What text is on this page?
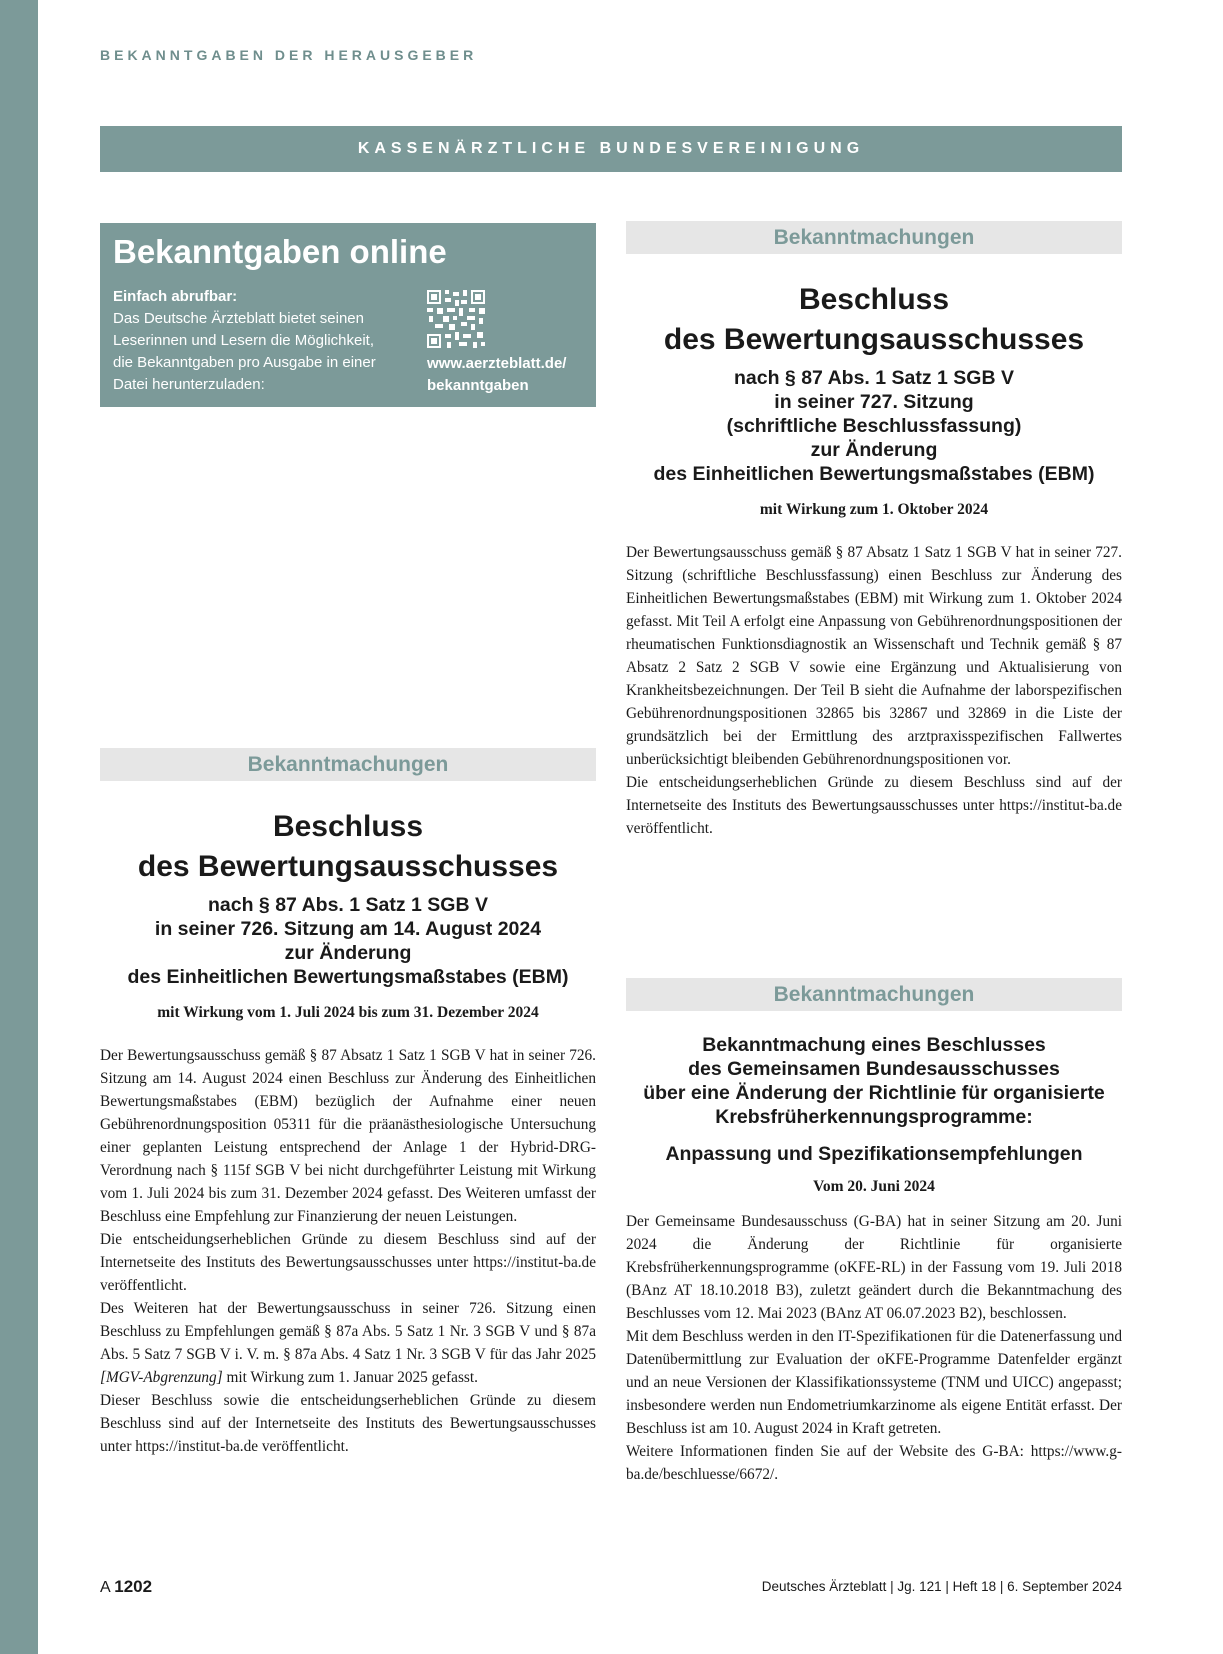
BEKANNTGABEN DER HERAUSGEBER
KASSENÄRZTLICHE BUNDESVEREINIGUNG
Bekanntgaben online
Einfach abrufbar:
Das Deutsche Ärzteblatt bietet seinen Leserinnen und Lesern die Möglichkeit, die Bekanntgaben pro Ausgabe in einer Datei herunterzuladen:
www.aerzteblatt.de/
bekanntgaben
Bekanntmachungen
Beschluss
des Bewertungsausschusses
nach § 87 Abs. 1 Satz 1 SGB V
in seiner 727. Sitzung
(schriftliche Beschlussfassung)
zur Änderung
des Einheitlichen Bewertungsmaßstabes (EBM)
mit Wirkung zum 1. Oktober 2024

Der Bewertungsausschuss gemäß § 87 Absatz 1 Satz 1 SGB V hat in seiner 727. Sitzung (schriftliche Beschlussfassung) einen Beschluss zur Änderung des Einheitlichen Bewertungsmaßstabes (EBM) mit Wirkung zum 1. Oktober 2024 gefasst. Mit Teil A erfolgt eine Anpassung von Gebührenordnungspositionen der rheumatischen Funktionsdiagnostik an Wissenschaft und Technik gemäß § 87 Absatz 2 Satz 2 SGB V sowie eine Ergänzung und Aktualisierung von Krankheitsbezeichnungen. Der Teil B sieht die Aufnahme der laborspezifischen Gebührenordnungspositionen 32865 bis 32867 und 32869 in die Liste der grundsätzlich bei der Ermittlung des arztpraxisspezifischen Fallwertes unberücksichtigt bleibenden Gebührenordnungspositionen vor.

Die entscheidungserheblichen Gründe zu diesem Beschluss sind auf der Internetseite des Instituts des Bewertungsausschusses unter https://institut-ba.de veröffentlicht.

Bekanntmachungen
Beschluss
des Bewertungsausschusses
nach § 87 Abs. 1 Satz 1 SGB V
in seiner 726. Sitzung am 14. August 2024
zur Änderung
des Einheitlichen Bewertungsmaßstabes (EBM)
mit Wirkung vom 1. Juli 2024 bis zum 31. Dezember 2024

Der Bewertungsausschuss gemäß § 87 Absatz 1 Satz 1 SGB V hat in seiner 726. Sitzung am 14. August 2024 einen Beschluss zur Änderung des Einheitlichen Bewertungsmaßstabes (EBM) bezüglich der Aufnahme einer neuen Gebührenordnungsposition 05311 für die präanästhesiologische Untersuchung einer geplanten Leistung entsprechend der Anlage 1 der Hybrid-DRG-Verordnung nach § 115f SGB V bei nicht durchgeführter Leistung mit Wirkung vom 1. Juli 2024 bis zum 31. Dezember 2024 gefasst. Des Weiteren umfasst der Beschluss eine Empfehlung zur Finanzierung der neuen Leistungen.

Die entscheidungserheblichen Gründe zu diesem Beschluss sind auf der Internetseite des Instituts des Bewertungsausschusses unter https://institut-ba.de veröffentlicht.

Des Weiteren hat der Bewertungsausschuss in seiner 726. Sitzung einen Beschluss zu Empfehlungen gemäß § 87a Abs. 5 Satz 1 Nr. 3 SGB V und § 87a Abs. 5 Satz 7 SGB V i. V. m. § 87a Abs. 4 Satz 1 Nr. 3 SGB V für das Jahr 2025 [MGV-Abgrenzung] mit Wirkung zum 1. Januar 2025 gefasst.

Dieser Beschluss sowie die entscheidungserheblichen Gründe zu diesem Beschluss sind auf der Internetseite des Instituts des Bewertungsausschusses unter https://institut-ba.de veröffentlicht.

Bekanntmachungen
Bekanntmachung eines Beschlusses
des Gemeinsamen Bundesausschusses
über eine Änderung der Richtlinie für organisierte
Krebsfrüherkennungsprogramme:
Anpassung und Spezifikationsempfehlungen
Vom 20. Juni 2024

Der Gemeinsame Bundesausschuss (G-BA) hat in seiner Sitzung am 20. Juni 2024 die Änderung der Richtlinie für organisierte Krebsfrüherkennungsprogramme (oKFE-RL) in der Fassung vom 19. Juli 2018 (BAnz AT 18.10.2018 B3), zuletzt geändert durch die Bekanntmachung des Beschlusses vom 12. Mai 2023 (BAnz AT 06.07.2023 B2), beschlossen.

Mit dem Beschluss werden in den IT-Spezifikationen für die Datenerfassung und Datenübermittlung zur Evaluation der oKFE-Programme Datenfelder ergänzt und an neue Versionen der Klassifikationssysteme (TNM und UICC) angepasst; insbesondere werden nun Endometriumkarzinome als eigene Entität erfasst. Der Beschluss ist am 10. August 2024 in Kraft getreten.

Weitere Informationen finden Sie auf der Website des G-BA: https://www.g-ba.de/beschluesse/6672/.

A 1202	Deutsches Ärzteblatt | Jg. 121 | Heft 18 | 6. September 2024
